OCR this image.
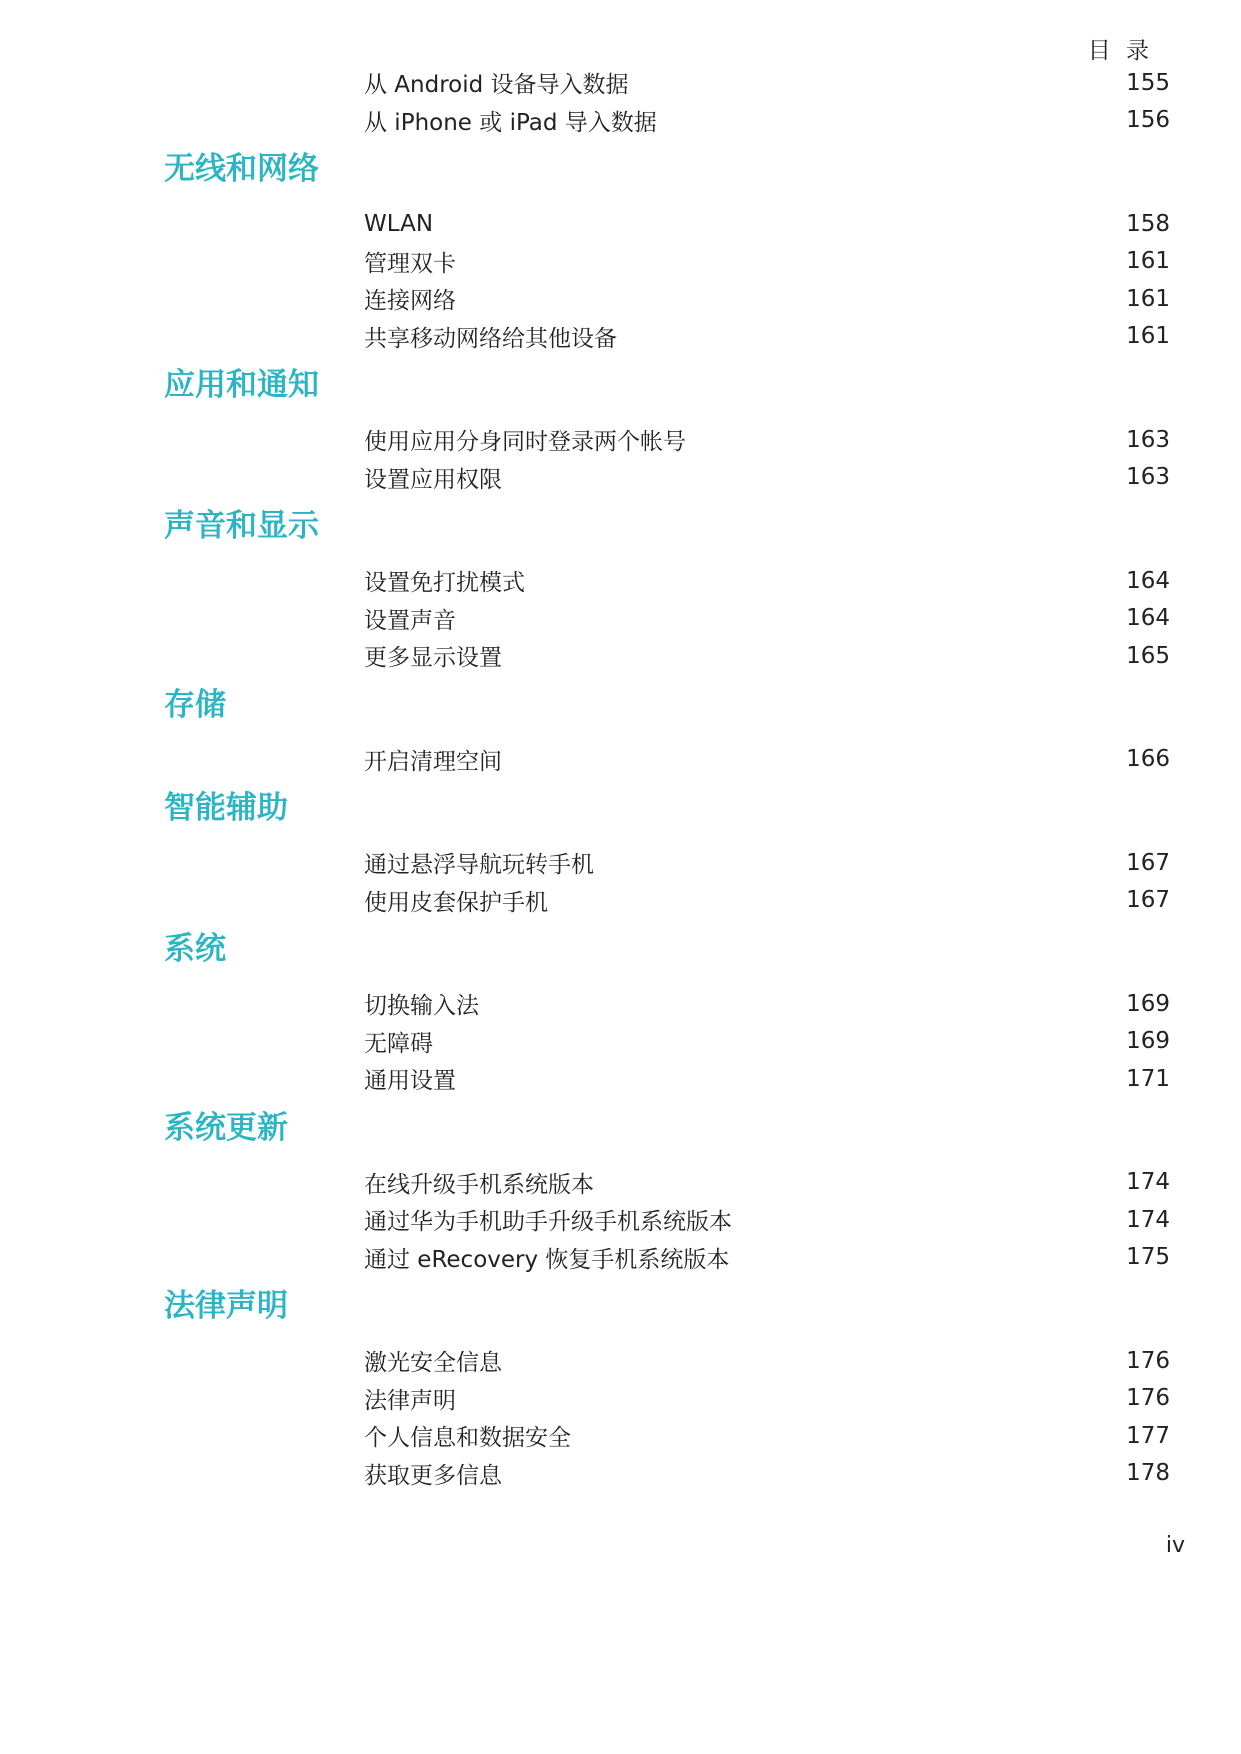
目 录
从 Android 设备导入数据	155
从 iPhone 或 iPad 导入数据	156
无线和网络
WLAN	158
管理双卡	161
连接网络	161
共享移动网络给其他设备	161
应用和通知
使用应用分身同时登录两个帐号	163
设置应用权限	163
声音和显示
设置免打扰模式	164
设置声音	164
更多显示设置	165
存储
开启清理空间	166
智能辅助
通过悬浮导航玩转手机	167
使用皮套保护手机	167
系统
切换输入法	169
无障碍	169
通用设置	171
系统更新
在线升级手机系统版本	174
通过华为手机助手升级手机系统版本	174
通过 eRecovery 恢复手机系统版本	175
法律声明
激光安全信息	176
法律声明	176
个人信息和数据安全	177
获取更多信息	178
iv
